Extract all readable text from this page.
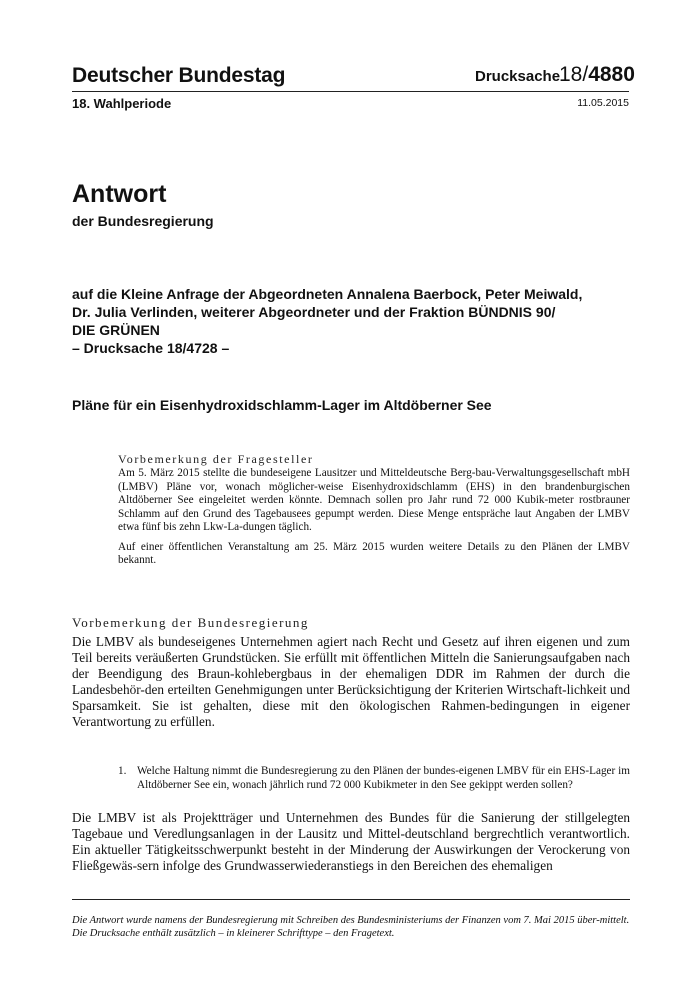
Deutscher Bundestag	Drucksache
18/4880
18. Wahlperiode	11.05.2015
Antwort
der Bundesregierung
auf die Kleine Anfrage der Abgeordneten Annalena Baerbock, Peter Meiwald,
Dr. Julia Verlinden, weiterer Abgeordneter und der Fraktion BÜNDNIS 90/
DIE GRÜNEN
– Drucksache 18/4728 –
Pläne für ein Eisenhydroxidschlamm-Lager im Altdöberner See
Vorbemerkung der Fragesteller

Am 5. März 2015 stellte die bundeseigene Lausitzer und Mitteldeutsche Berg-bau-Verwaltungsgesellschaft mbH (LMBV) Pläne vor, wonach möglicher-weise Eisenhydroxidschlamm (EHS) in den brandenburgischen Altdöberner See eingeleitet werden könnte. Demnach sollen pro Jahr rund 72 000 Kubik-meter rostbrauner Schlamm auf den Grund des Tagebausees gepumpt werden. Diese Menge entspräche laut Angaben der LMBV etwa fünf bis zehn Lkw-La-dungen täglich.

Auf einer öffentlichen Veranstaltung am 25. März 2015 wurden weitere Details zu den Plänen der LMBV bekannt.

Vorbemerkung der Bundesregierung
Die LMBV als bundeseigenes Unternehmen agiert nach Recht und Gesetz auf ihren eigenen und zum Teil bereits veräußerten Grundstücken. Sie erfüllt mit öffentlichen Mitteln die Sanierungsaufgaben nach der Beendigung des Braun-kohlebergbaus in der ehemaligen DDR im Rahmen der durch die Landesbehör-den erteilten Genehmigungen unter Berücksichtigung der Kriterien Wirtschaft-lichkeit und Sparsamkeit. Sie ist gehalten, diese mit den ökologischen Rahmen-bedingungen in eigener Verantwortung zu erfüllen.
1. Welche Haltung nimmt die Bundesregierung zu den Plänen der bundes-eigenen LMBV für ein EHS-Lager im Altdöberner See ein, wonach jährlich rund 72 000 Kubikmeter in den See gekippt werden sollen?
Die LMBV ist als Projektträger und Unternehmen des Bundes für die Sanierung der stillgelegten Tagebaue und Veredlungsanlagen in der Lausitz und Mittel-deutschland bergrechtlich verantwortlich. Ein aktueller Tätigkeitsschwerpunkt besteht in der Minderung der Auswirkungen der Verockerung von Fließgewäs-sern infolge des Grundwasserwiederanstiegs in den Bereichen des ehemaligen

Die Antwort wurde namens der Bundesregierung mit Schreiben des Bundesministeriums der Finanzen vom 7. Mai 2015 über-mittelt.

Die Drucksache enthält zusätzlich – in kleinerer Schrifttype – den Fragetext.
